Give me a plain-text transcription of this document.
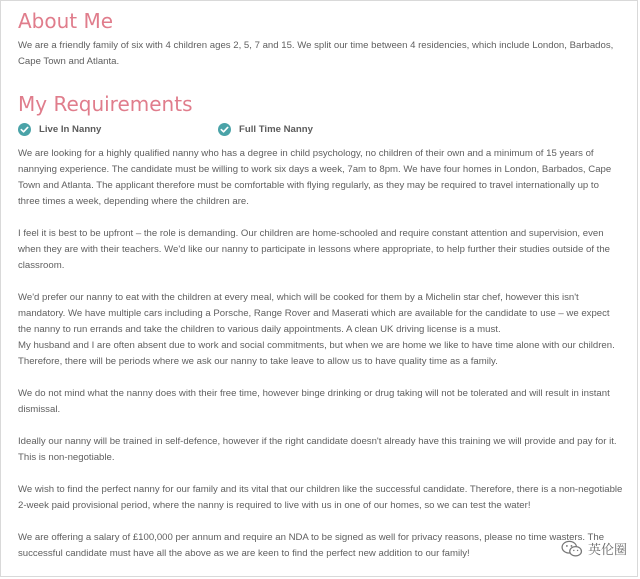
About Me

We are a friendly family of six with 4 children ages 2, 5, 7 and 15. We split our time between 4 residencies, which include London, Barbados, Cape Town and Atlanta.

My Requirements
Live In Nanny	Full Time Nanny

We are looking for a highly qualified nanny who has a degree in child psychology, no children of their own and a minimum of 15 years of nannying experience. The candidate must be willing to work six days a week, 7am to 8pm. We have four homes in London, Barbados, Cape Town and Atlanta. The applicant therefore must be comfortable with flying regularly, as they may be required to travel internationally up to three times a week, depending where the children are.

I feel it is best to be upfront – the role is demanding. Our children are home-schooled and require constant attention and supervision, even when they are with their teachers. We'd like our nanny to participate in lessons where appropriate, to help further their studies outside of the classroom.

We'd prefer our nanny to eat with the children at every meal, which will be cooked for them by a Michelin star chef, however this isn't mandatory. We have multiple cars including a Porsche, Range Rover and Maserati which are available for the candidate to use – we expect the nanny to run errands and take the children to various daily appointments. A clean UK driving license is a must.

My husband and I are often absent due to work and social commitments, but when we are home we like to have time alone with our children. Therefore, there will be periods where we ask our nanny to take leave to allow us to have quality time as a family.

We do not mind what the nanny does with their free time, however binge drinking or drug taking will not be tolerated and will result in instant dismissal.

Ideally our nanny will be trained in self-defence, however if the right candidate doesn't already have this training we will provide and pay for it. This is non-negotiable.

We wish to find the perfect nanny for our family and its vital that our children like the successful candidate. Therefore, there is a non-negotiable 2-week paid provisional period, where the nanny is required to live with us in one of our homes, so we can test the water!

We are offering a salary of £100,000 per annum and require an NDA to be signed as well for privacy reasons, please no time wasters. The successful candidate must have all the above as we are keen to find the perfect new addition to our family!	英伦圈
